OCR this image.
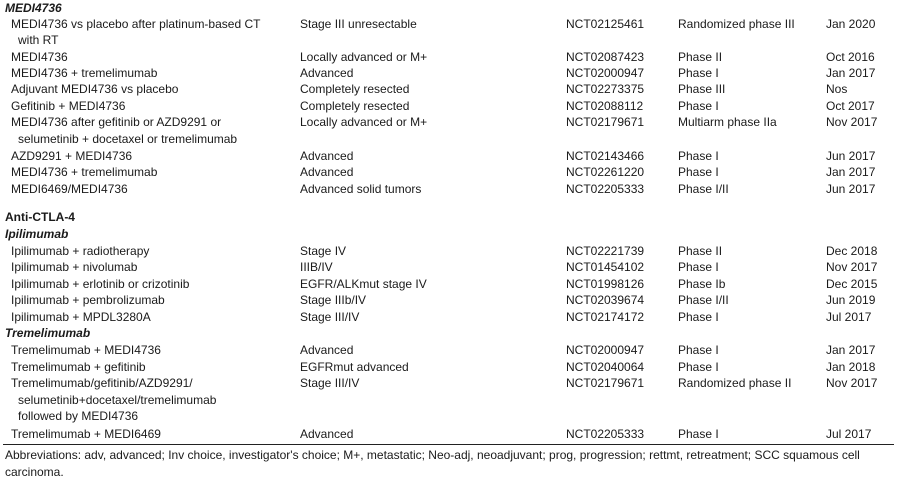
MEDI4736
MEDI4736 vs placebo after platinum-based CT	Stage III unresectable	NCT02125461	Randomized phase III	Jan 2020
with RT
MEDI4736	Locally advanced or M+	NCT02087423	Phase II	Oct 2016
MEDI4736 + tremelimumab	Advanced	NCT02000947	Phase I	Jan 2017
Adjuvant MEDI4736 vs placebo	Completely resected	NCT02273375	Phase III	Nos
Gefitinib + MEDI4736	Completely resected	NCT02088112	Phase I	Oct 2017
MEDI4736 after gefitinib or AZD9291 or	Locally advanced or M+	NCT02179671	Multiarm phase IIa	Nov 2017
selumetinib + docetaxel or tremelimumab
AZD9291 + MEDI4736	Advanced	NCT02143466	Phase I	Jun 2017
MEDI4736 + tremelimumab	Advanced	NCT02261220	Phase I	Jan 2017
MEDI6469/MEDI4736	Advanced solid tumors	NCT02205333	Phase I/II	Jun 2017
Anti-CTLA-4
Ipilimumab
Ipilimumab + radiotherapy	Stage IV	NCT02221739	Phase II	Dec 2018
Ipilimumab + nivolumab	IIIB/IV	NCT01454102	Phase I	Nov 2017
Ipilimumab + erlotinib or crizotinib	EGFR/ALKmut stage IV	NCT01998126	Phase Ib	Dec 2015
Ipilimumab + pembrolizumab	Stage IIIb/IV	NCT02039674	Phase I/II	Jun 2019
Ipilimumab + MPDL3280A	Stage III/IV	NCT02174172	Phase I	Jul 2017
Tremelimumab
Tremelimumab + MEDI4736	Advanced	NCT02000947	Phase I	Jan 2017
Tremelimumab + gefitinib	EGFRmut advanced	NCT02040064	Phase I	Jan 2018
Tremelimumab/gefitinib/AZD9291/	Stage III/IV	NCT02179671	Randomized phase II	Nov 2017
selumetinib+docetaxel/tremelimumab
followed by MEDI4736
Tremelimumab + MEDI6469	Advanced	NCT02205333	Phase I	Jul 2017
Abbreviations: adv, advanced; Inv choice, investigator's choice; M+, metastatic; Neo-adj, neoadjuvant; prog, progression; rettmt, retreatment; SCC squamous cell carcinoma.
